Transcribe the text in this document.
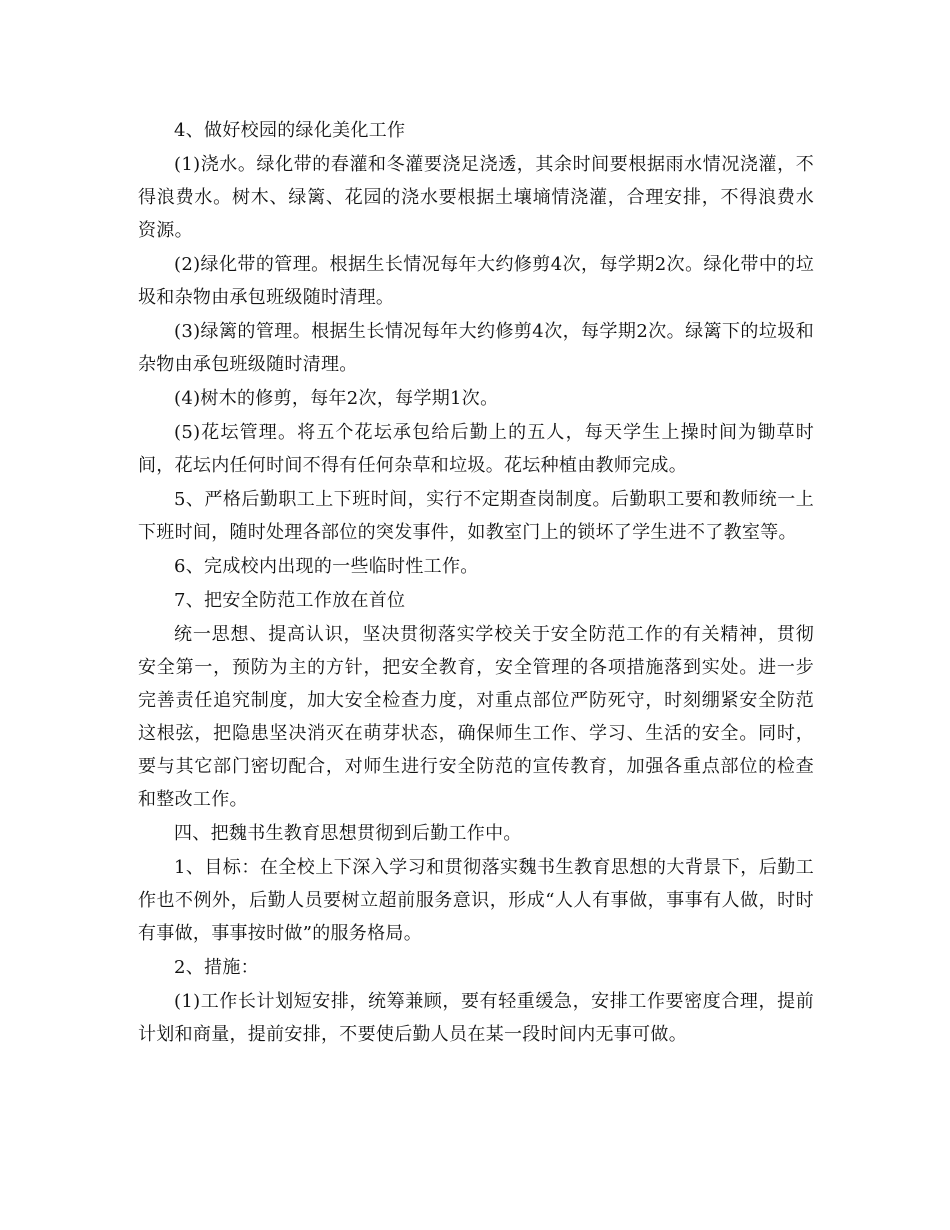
4、做好校园的绿化美化工作

(1)浇水。绿化带的春灌和冬灌要浇足浇透，其余时间要根据雨水情况浇灌，不得浪费水。树木、绿篱、花园的浇水要根据土壤墒情浇灌，合理安排，不得浪费水资源。

(2)绿化带的管理。根据生长情况每年大约修剪4次，每学期2次。绿化带中的垃圾和杂物由承包班级随时清理。

(3)绿篱的管理。根据生长情况每年大约修剪4次，每学期2次。绿篱下的垃圾和杂物由承包班级随时清理。

(4)树木的修剪，每年2次，每学期1次。

(5)花坛管理。将五个花坛承包给后勤上的五人，每天学生上操时间为锄草时间，花坛内任何时间不得有任何杂草和垃圾。花坛种植由教师完成。

5、严格后勤职工上下班时间，实行不定期查岗制度。后勤职工要和教师统一上下班时间，随时处理各部位的突发事件，如教室门上的锁坏了学生进不了教室等。

6、完成校内出现的一些临时性工作。

7、把安全防范工作放在首位

统一思想、提高认识，坚决贯彻落实学校关于安全防范工作的有关精神，贯彻安全第一，预防为主的方针，把安全教育，安全管理的各项措施落到实处。进一步完善责任追究制度，加大安全检查力度，对重点部位严防死守，时刻绷紧安全防范这根弦，把隐患坚决消灭在萌芽状态，确保师生工作、学习、生活的安全。同时，要与其它部门密切配合，对师生进行安全防范的宣传教育，加强各重点部位的检查和整改工作。

四、把魏书生教育思想贯彻到后勤工作中。

1、目标：在全校上下深入学习和贯彻落实魏书生教育思想的大背景下，后勤工作也不例外，后勤人员要树立超前服务意识，形成“人人有事做，事事有人做，时时有事做，事事按时做”的服务格局。

2、措施：

(1)工作长计划短安排，统筹兼顾，要有轻重缓急，安排工作要密度合理，提前计划和商量，提前安排，不要使后勤人员在某一段时间内无事可做。
